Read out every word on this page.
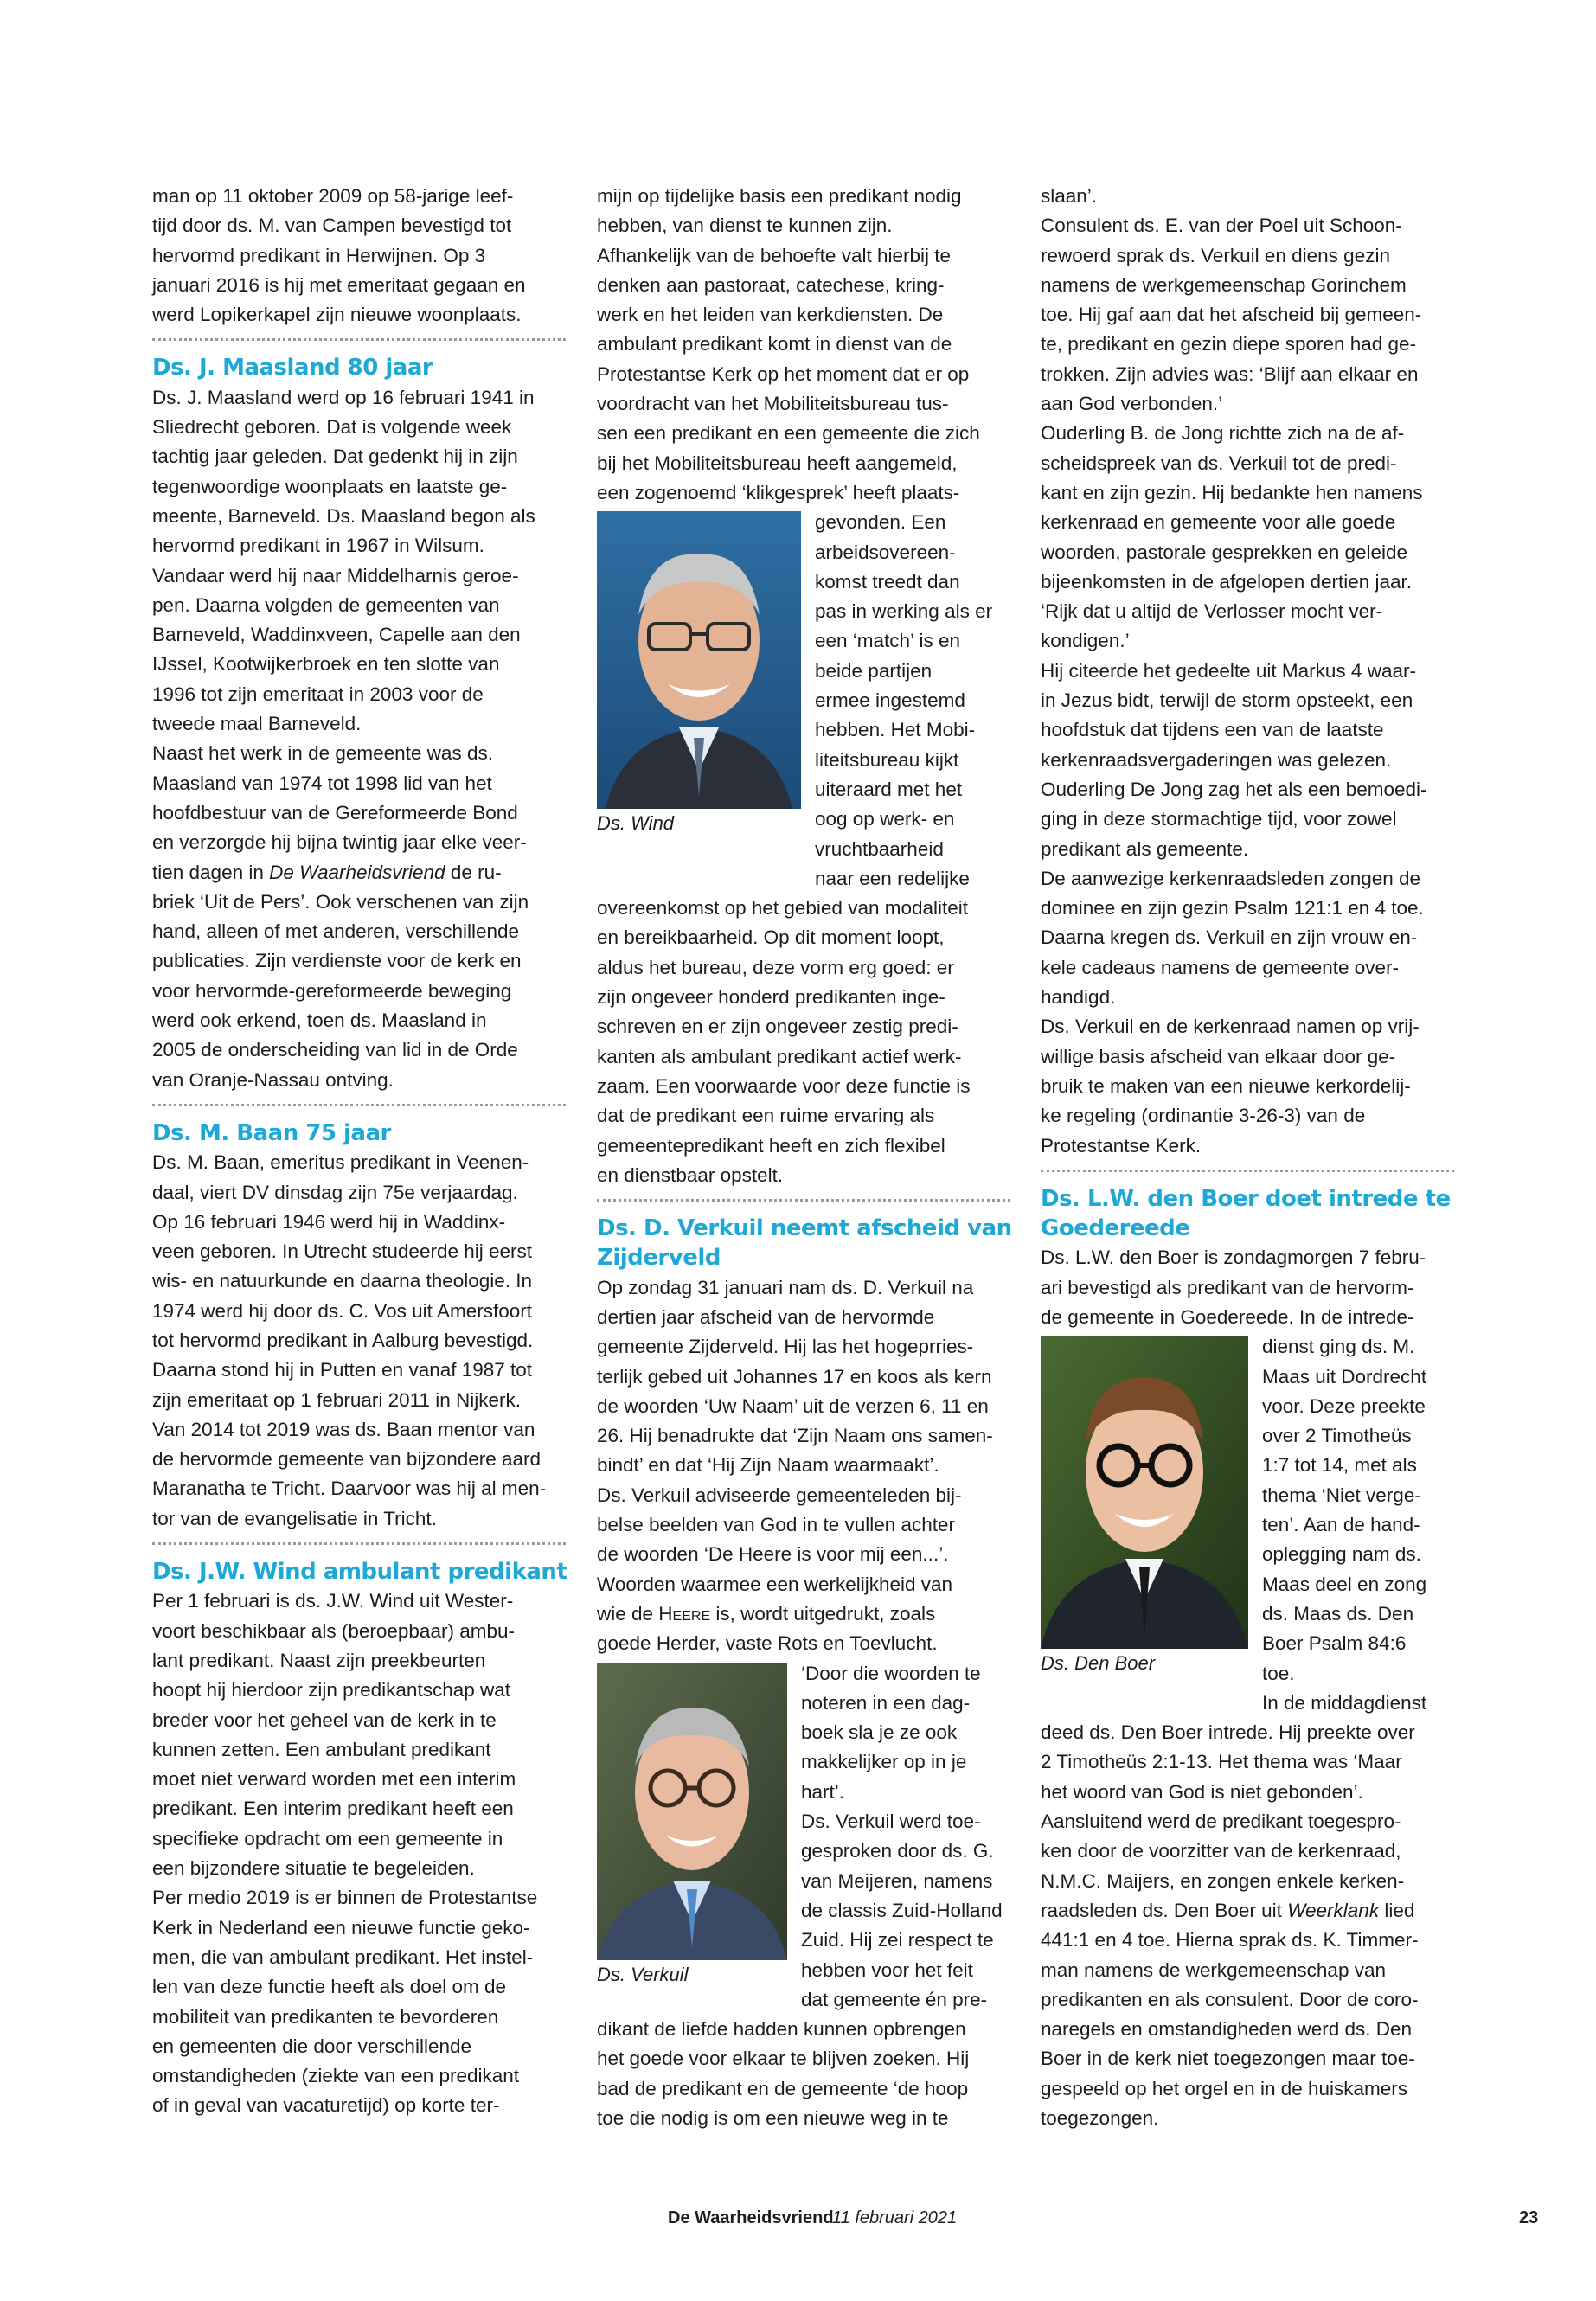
man op 11 oktober 2009 op 58-jarige leef-
tijd door ds. M. van Campen bevestigd tot
hervormd predikant in Herwijnen. Op 3
januari 2016 is hij met emeritaat gegaan en
werd Lopikerkapel zijn nieuwe woonplaats.
Ds. J. Maasland 80 jaar
Ds. J. Maasland werd op 16 februari 1941 in
Sliedrecht geboren. Dat is volgende week
tachtig jaar geleden. Dat gedenkt hij in zijn
tegenwoordige woonplaats en laatste ge-
meente, Barneveld. Ds. Maasland begon als
hervormd predikant in 1967 in Wilsum.
Vandaar werd hij naar Middelharnis geroe-
pen. Daarna volgden de gemeenten van
Barneveld, Waddinxveen, Capelle aan den
IJssel, Kootwijkerbroek en ten slotte van
1996 tot zijn emeritaat in 2003 voor de
tweede maal Barneveld.
Naast het werk in de gemeente was ds.
Maasland van 1974 tot 1998 lid van het
hoofdbestuur van de Gereformeerde Bond
en verzorgde hij bijna twintig jaar elke veer-
tien dagen in De Waarheidsvriend de ru-
briek ‘Uit de Pers’. Ook verschenen van zijn
hand, alleen of met anderen, verschillende
publicaties. Zijn verdienste voor de kerk en
voor hervormde-gereformeerde beweging
werd ook erkend, toen ds. Maasland in
2005 de onderscheiding van lid in de Orde
van Oranje-Nassau ontving.
Ds. M. Baan 75 jaar
Ds. M. Baan, emeritus predikant in Veenen-
daal, viert DV dinsdag zijn 75e verjaardag.
Op 16 februari 1946 werd hij in Waddinx-
veen geboren. In Utrecht studeerde hij eerst
wis- en natuurkunde en daarna theologie. In
1974 werd hij door ds. C. Vos uit Amersfoort
tot hervormd predikant in Aalburg bevestigd.
Daarna stond hij in Putten en vanaf 1987 tot
zijn emeritaat op 1 februari 2011 in Nijkerk.
Van 2014 tot 2019 was ds. Baan mentor van
de hervormde gemeente van bijzondere aard
Maranatha te Tricht. Daarvoor was hij al men-
tor van de evangelisatie in Tricht.
Ds. J.W. Wind ambulant predikant
Per 1 februari is ds. J.W. Wind uit Wester-
voort beschikbaar als (beroepbaar) ambu-
lant predikant. Naast zijn preekbeurten
hoopt hij hierdoor zijn predikantschap wat
breder voor het geheel van de kerk in te
kunnen zetten. Een ambulant predikant
moet niet verward worden met een interim
predikant. Een interim predikant heeft een
specifieke opdracht om een gemeente in
een bijzondere situatie te begeleiden.
Per medio 2019 is er binnen de Protestantse
Kerk in Nederland een nieuwe functie geko-
men, die van ambulant predikant. Het instel-
len van deze functie heeft als doel om de
mobiliteit van predikanten te bevorderen
en gemeenten die door verschillende
omstandigheden (ziekte van een predikant
of in geval van vacaturetijd) op korte ter-
mijn op tijdelijke basis een predikant nodig
hebben, van dienst te kunnen zijn.
Afhankelijk van de behoefte valt hierbij te
denken aan pastoraat, catechese, kring-
werk en het leiden van kerkdiensten. De
ambulant predikant komt in dienst van de
Protestantse Kerk op het moment dat er op
voordracht van het Mobiliteitsbureau tus-
sen een predikant en een gemeente die zich
bij het Mobiliteitsbureau heeft aangemeld,
een zogenoemd ‘klikgesprek’ heeft plaats-
Ds. Wind
gevonden. Een
arbeidsovereen-
komst treedt dan
pas in werking als er
een ‘match’ is en
beide partijen
ermee ingestemd
hebben. Het Mobi-
liteitsbureau kijkt
uiteraard met het
oog op werk- en
vruchtbaarheid
naar een redelijke
overeenkomst op het gebied van modaliteit
en bereikbaarheid. Op dit moment loopt,
aldus het bureau, deze vorm erg goed: er
zijn ongeveer honderd predikanten inge-
schreven en er zijn ongeveer zestig predi-
kanten als ambulant predikant actief werk-
zaam. Een voorwaarde voor deze functie is
dat de predikant een ruime ervaring als
gemeentepredikant heeft en zich flexibel
en dienstbaar opstelt.
Ds. D. Verkuil neemt afscheid van
Zijderveld
Op zondag 31 januari nam ds. D. Verkuil na
dertien jaar afscheid van de hervormde
gemeente Zijderveld. Hij las het hogeprries-
terlijk gebed uit Johannes 17 en koos als kern
de woorden ‘Uw Naam’ uit de verzen 6, 11 en
26. Hij benadrukte dat ‘Zijn Naam ons samen-
bindt’ en dat ‘Hij Zijn Naam waarmaakt’.
Ds. Verkuil adviseerde gemeenteleden bij-
belse beelden van God in te vullen achter
de woorden ‘De Heere is voor mij een...’.
Woorden waarmee een werkelijkheid van
wie de Heere is, wordt uitgedrukt, zoals
goede Herder, vaste Rots en Toevlucht.
Ds. Verkuil
‘Door die woorden te
noteren in een dag-
boek sla je ze ook
makkelijker op in je
hart’.
Ds. Verkuil werd toe-
gesproken door ds. G.
van Meijeren, namens
de classis Zuid-Holland
Zuid. Hij zei respect te
hebben voor het feit
dat gemeente én pre-
dikant de liefde hadden kunnen opbrengen
het goede voor elkaar te blijven zoeken. Hij
bad de predikant en de gemeente ‘de hoop
toe die nodig is om een nieuwe weg in te
slaan’.
Consulent ds. E. van der Poel uit Schoon-
rewoerd sprak ds. Verkuil en diens gezin
namens de werkgemeenschap Gorinchem
toe. Hij gaf aan dat het afscheid bij gemeen-
te, predikant en gezin diepe sporen had ge-
trokken. Zijn advies was: ‘Blijf aan elkaar en
aan God verbonden.’
Ouderling B. de Jong richtte zich na de af-
scheidspreek van ds. Verkuil tot de predi-
kant en zijn gezin. Hij bedankte hen namens
kerkenraad en gemeente voor alle goede
woorden, pastorale gesprekken en geleide
bijeenkomsten in de afgelopen dertien jaar.
‘Rijk dat u altijd de Verlosser mocht ver-
kondigen.’
Hij citeerde het gedeelte uit Markus 4 waar-
in Jezus bidt, terwijl de storm opsteekt, een
hoofdstuk dat tijdens een van de laatste
kerkenraadsvergaderingen was gelezen.
Ouderling De Jong zag het als een bemoedi-
ging in deze stormachtige tijd, voor zowel
predikant als gemeente.
De aanwezige kerkenraadsleden zongen de
dominee en zijn gezin Psalm 121:1 en 4 toe.
Daarna kregen ds. Verkuil en zijn vrouw en-
kele cadeaus namens de gemeente over-
handigd.
Ds. Verkuil en de kerkenraad namen op vrij-
willige basis afscheid van elkaar door ge-
bruik te maken van een nieuwe kerkordelij-
ke regeling (ordinantie 3-26-3) van de
Protestantse Kerk.
Ds. L.W. den Boer doet intrede te
Goedereede
Ds. L.W. den Boer is zondagmorgen 7 febru-
ari bevestigd als predikant van de hervorm-
de gemeente in Goedereede. In de intrede-
Ds. Den Boer
dienst ging ds. M.
Maas uit Dordrecht
voor. Deze preekte
over 2 Timotheüs
1:7 tot 14, met als
thema ‘Niet verge-
ten’. Aan de hand-
oplegging nam ds.
Maas deel en zong
ds. Maas ds. Den
Boer Psalm 84:6
toe.
In de middagdienst
deed ds. Den Boer intrede. Hij preekte over
2 Timotheüs 2:1-13. Het thema was ‘Maar
het woord van God is niet gebonden’.
Aansluitend werd de predikant toegespro-
ken door de voorzitter van de kerkenraad,
N.M.C. Maijers, en zongen enkele kerken-
raadsleden ds. Den Boer uit Weerklank lied
441:1 en 4 toe. Hierna sprak ds. K. Timmer-
man namens de werkgemeenschap van
predikanten en als consulent. Door de coro-
naregels en omstandigheden werd ds. Den
Boer in de kerk niet toegezongen maar toe-
gespeeld op het orgel en in de huiskamers
toegezongen.
De Waarheidsvriend
11 februari 2021	23
